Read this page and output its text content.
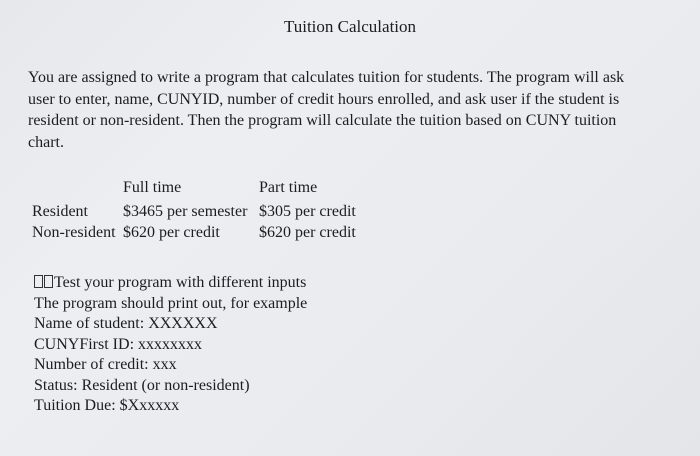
Tuition Calculation

You are assigned to write a program that calculates tuition for students. The program will ask
user to enter, name, CUNYID, number of credit hours enrolled, and ask user if the student is
resident or non-resident. Then the program will calculate the tuition based on CUNY tuition
chart.

Full time	Part time
Resident $3465 per semester $305 per credit
Non-resident $620 per credit $620 per credit
Test your program with different inputs
The program should print out, for example
Name of student: XXXXXX
CUNYFirst ID: xxxxxxxx
Number of credit: xxx
Status: Resident (or non-resident)
Tuition Due: $Xxxxxx
